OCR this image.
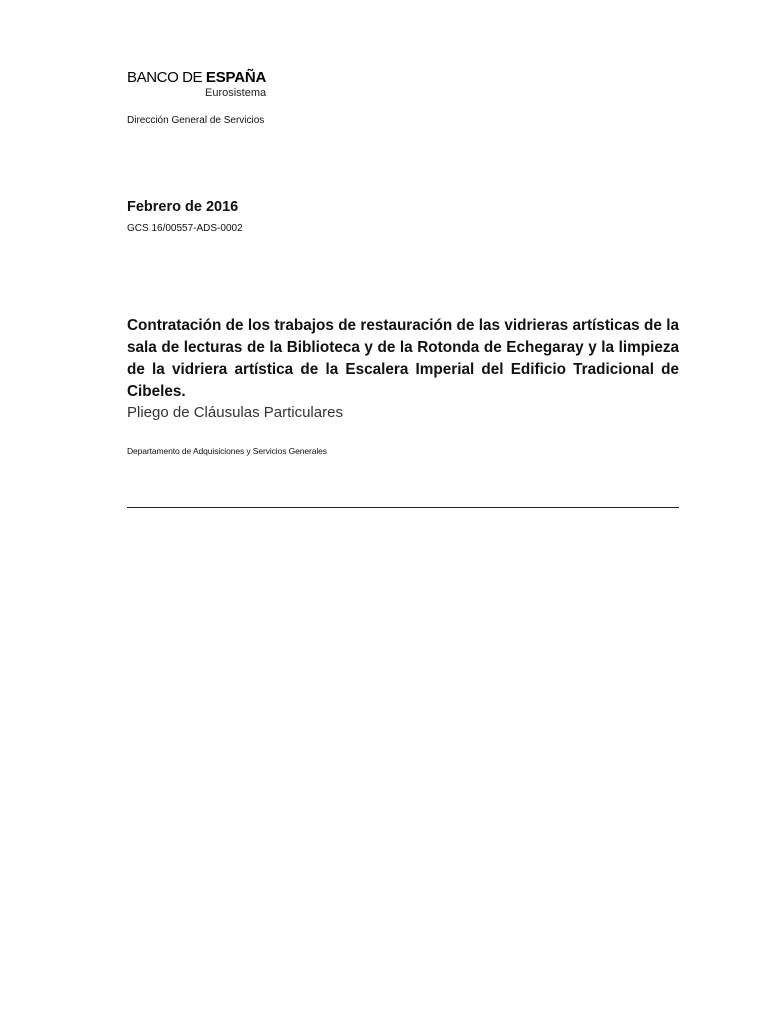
BANCO DE ESPAÑA
Eurosistema
Dirección General de Servicios
Febrero de 2016
GCS 16/00557-ADS-0002

Contratación de los trabajos de restauración de las vidrieras artísticas de la sala de lecturas de la Biblioteca y de la Rotonda de Echegaray y la limpieza de la vidriera artística de la Escalera Imperial del Edificio Tradicional de Cibeles.

Pliego de Cláusulas Particulares
Departamento de Adquisiciones y Servicios Generales
